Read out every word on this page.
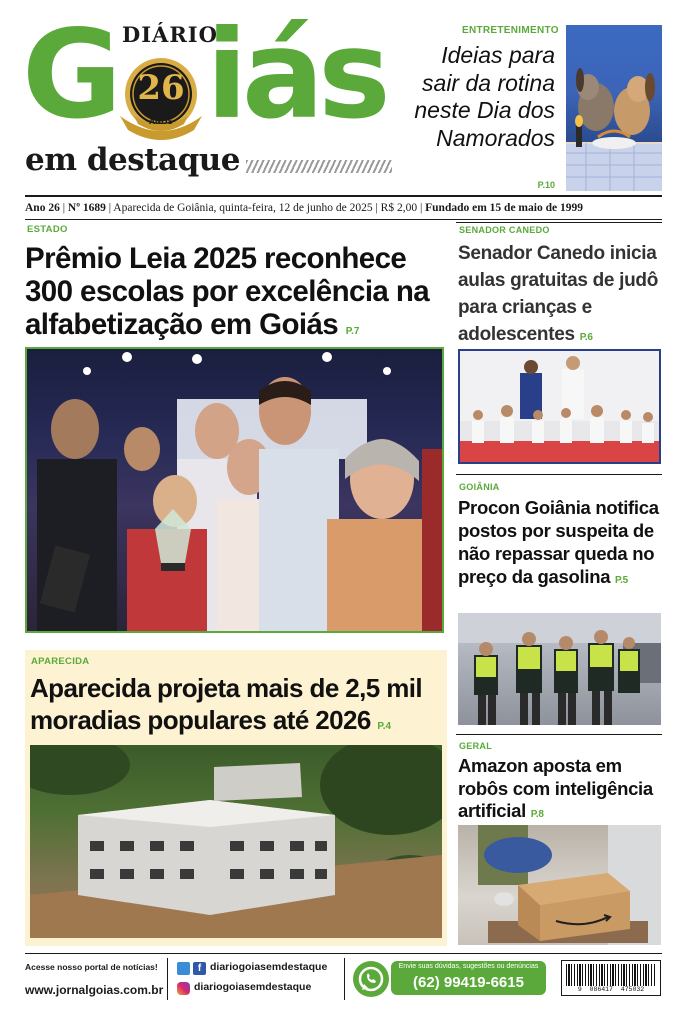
DIÁRIO
G iás
26
ANOS
em destaque
ENTRETENIMENTO
Ideias para sair da rotina neste Dia dos Namorados
P.10
Ano 26 | Nº 1689 | Aparecida de Goiânia, quinta-feira, 12 de junho de 2025 | R$ 2,00 | Fundado em 15 de maio de 1999
ESTADO
Prêmio Leia 2025 reconhece 300 escolas por excelência na alfabetização em Goiás P.7
APARECIDA
Aparecida projeta mais de 2,5 mil moradias populares até 2026 P.4
SENADOR CANEDO
Senador Canedo inicia aulas gratuitas de judô para crianças e adolescentes P.6
GOIÂNIA
Procon Goiânia notifica postos por suspeita de não repassar queda no preço da gasolina P.5
GERAL
Amazon aposta em robôs com inteligência artificial P.8
Acesse nosso portal de notícias!
www.jornalgoias.com.br
f diariogoiasemdestaque
diariogoiasemdestaque
Envie suas dúvidas, sugestões ou denúncias
(62) 99419-6615	9  086417  475032
